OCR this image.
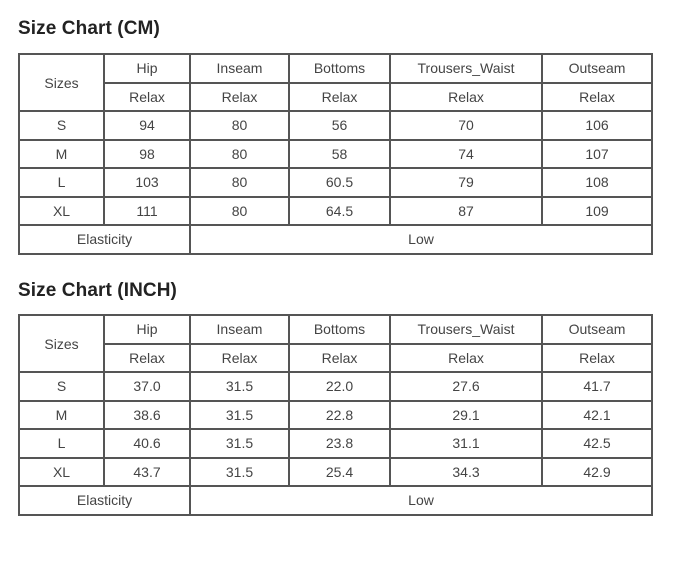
Size Chart (CM)
Sizes	Hip	Inseam	Bottoms	Trousers_Waist	Outseam
	Relax	Relax	Relax	Relax	Relax
S	94	80	56	70	106
M	98	80	58	74	107
L	103	80	60.5	79	108
XL	111	80	64.5	87	109
Elasticity		Low			
Size Chart (INCH)
Sizes	Hip	Inseam	Bottoms	Trousers_Waist	Outseam
	Relax	Relax	Relax	Relax	Relax
S	37.0	31.5	22.0	27.6	41.7
M	38.6	31.5	22.8	29.1	42.1
L	40.6	31.5	23.8	31.1	42.5
XL	43.7	31.5	25.4	34.3	42.9
Elasticity		Low			
